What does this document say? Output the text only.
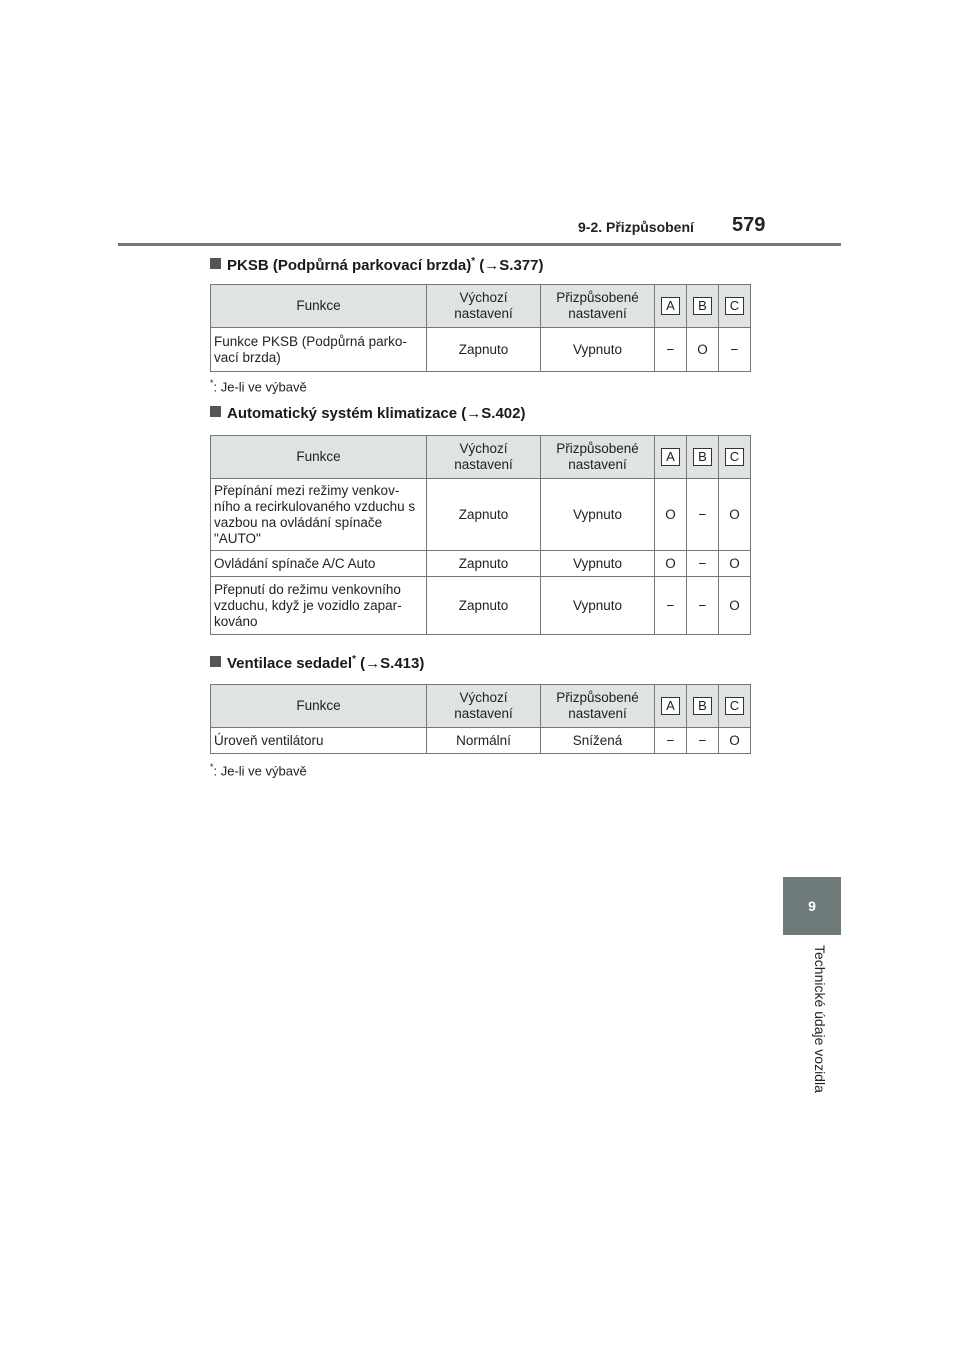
9-2. Přizpůsobení 579
9
Technické údaje vozidla
PKSB (Podpůrná parkovací brzda)* (→S.377)
Funkce	Výchozí nastavení	Přizpůsobené nastavení	A	B	C
Funkce PKSB (Podpůrná parko- vací brzda)	Zapnuto	Vypnuto	−	O	−
*: Je-li ve výbavě
Automatický systém klimatizace (→S.402)
Funkce	Výchozí nastavení	Přizpůsobené nastavení	A	B	C
Přepínání mezi režimy venkov- ního a recirkulovaného vzduchu s vazbou na ovládání spínače "AUTO"	Zapnuto	Vypnuto	O	−	O
Ovládání spínače A/C Auto	Zapnuto	Vypnuto	O	−	O
Přepnutí do režimu venkovního vzduchu, když je vozidlo zapar- kováno	Zapnuto	Vypnuto	−	−	O
Ventilace sedadel* (→S.413)
Funkce	Výchozí nastavení	Přizpůsobené nastavení	A	B	C
Úroveň ventilátoru	Normální	Snížená	−	−	O
*: Je-li ve výbavě
